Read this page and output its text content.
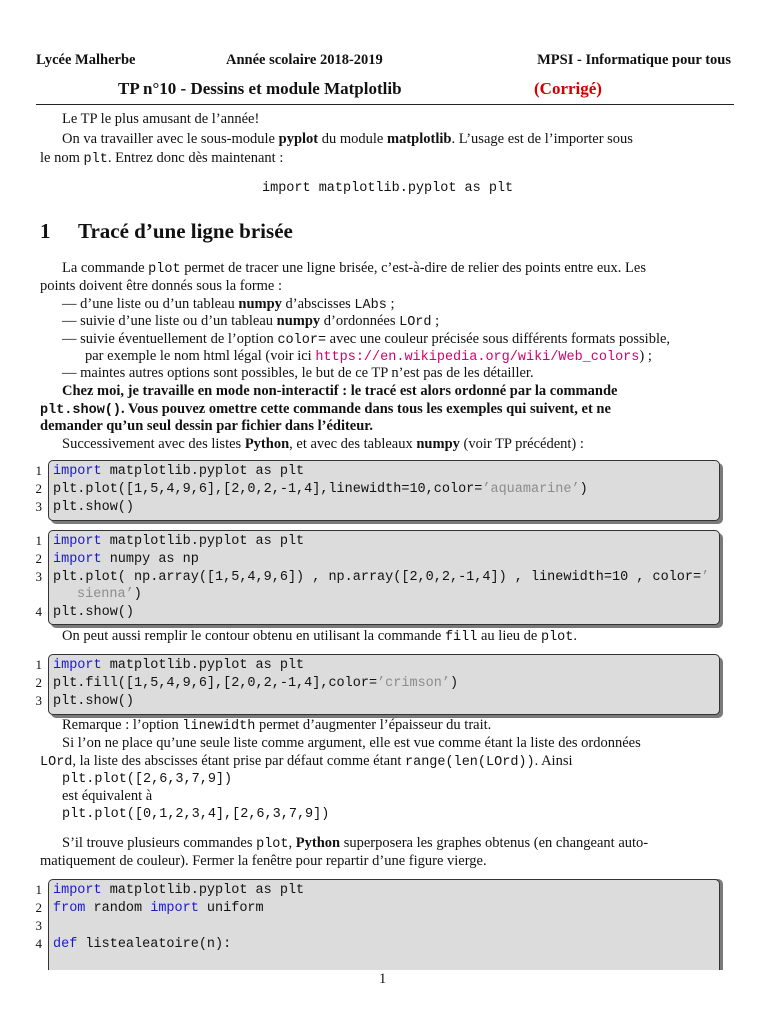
Lycée Malherbe	Année scolaire 2018-2019	MPSI - Informatique pour tous
TP n°10 - Dessins et module Matplotlib	(Corrigé)
Le TP le plus amusant de l’année!
On va travailler avec le sous-module pyplot du module matplotlib. L’usage est de l’importer sous
le nom plt. Entrez donc dès maintenant :
import matplotlib.pyplot as plt
1 Tracé d’une ligne brisée
La commande plot permet de tracer une ligne brisée, c’est-à-dire de relier des points entre eux. Les
points doivent être donnés sous la forme :
— d’une liste ou d’un tableau numpy d’abscisses LAbs ;
— suivie d’une liste ou d’un tableau numpy d’ordonnées LOrd ;
— suivie éventuellement de l’option color= avec une couleur précisée sous différents formats possible,
par exemple le nom html légal (voir ici https://en.wikipedia.org/wiki/Web_colors) ;
— maintes autres options sont possibles, le but de ce TP n’est pas de les détailler.
Chez moi, je travaille en mode non-interactif : le tracé est alors ordonné par la commande
plt.show(). Vous pouvez omettre cette commande dans tous les exemples qui suivent, et ne
demander qu’un seul dessin par fichier dans l’éditeur.
Successivement avec des listes Python, et avec des tableaux numpy (voir TP précédent) :
1
2
3
import matplotlib.pyplot as plt
plt.plot([1,5,4,9,6],[2,0,2,-1,4],linewidth=10,color=’aquamarine’)
plt.show()
1
2
3
4
import matplotlib.pyplot as plt
import numpy as np
plt.plot( np.array([1,5,4,9,6]) , np.array([2,0,2,-1,4]) , linewidth=10 , color=’
sienna’)
plt.show()
On peut aussi remplir le contour obtenu en utilisant la commande fill au lieu de plot.
1
2
3
import matplotlib.pyplot as plt
plt.fill([1,5,4,9,6],[2,0,2,-1,4],color=’crimson’)
plt.show()
Remarque : l’option linewidth permet d’augmenter l’épaisseur du trait.
Si l’on ne place qu’une seule liste comme argument, elle est vue comme étant la liste des ordonnées
LOrd, la liste des abscisses étant prise par défaut comme étant range(len(LOrd)). Ainsi
plt.plot([2,6,3,7,9])
est équivalent à
plt.plot([0,1,2,3,4],[2,6,3,7,9])
S’il trouve plusieurs commandes plot, Python superposera les graphes obtenus (en changeant auto-
matiquement de couleur). Fermer la fenêtre pour repartir d’une figure vierge.
1
2
3
4
import matplotlib.pyplot as plt
from random import uniform
def listealeatoire(n):
1
